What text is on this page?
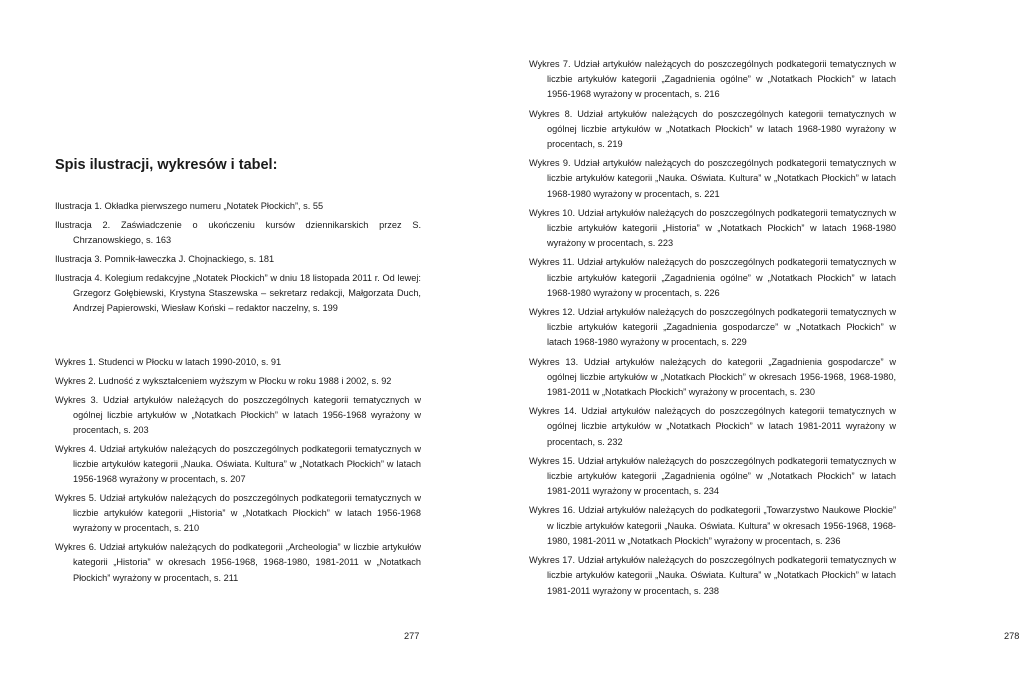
Spis ilustracji, wykresów i tabel:
Ilustracja 1. Okładka pierwszego numeru „Notatek Płockich”, s. 55
Ilustracja 2. Zaświadczenie o ukończeniu kursów dziennikarskich przez S. Chrzanowskiego, s. 163
Ilustracja 3. Pomnik-ławeczka J. Chojnackiego, s. 181
Ilustracja 4. Kolegium redakcyjne „Notatek Płockich” w dniu 18 listopada 2011 r. Od lewej: Grzegorz Gołębiewski, Krystyna Staszewska – sekretarz redakcji, Małgorzata Duch, Andrzej Papierowski, Wiesław Koński – redaktor naczelny, s. 199
Wykres 1. Studenci w Płocku w latach 1990-2010, s. 91
Wykres 2. Ludność z wykształceniem wyższym w Płocku w roku 1988 i 2002, s. 92
Wykres 3. Udział artykułów należących do poszczególnych kategorii tematycznych w ogólnej liczbie artykułów w „Notatkach Płockich” w latach 1956-1968 wyrażony w procentach, s. 203
Wykres 4. Udział artykułów należących do poszczególnych podkategorii tematycznych w liczbie artykułów kategorii „Nauka. Oświata. Kultura” w „Notatkach Płockich” w latach 1956-1968 wyrażony w procentach, s. 207
Wykres 5. Udział artykułów należących do poszczególnych podkategorii tematycznych w liczbie artykułów kategorii „Historia” w „Notatkach Płockich” w latach 1956-1968 wyrażony w procentach, s. 210
Wykres 6. Udział artykułów należących do podkategorii „Archeologia” w liczbie artykułów kategorii „Historia” w okresach 1956-1968, 1968-1980, 1981-2011 w „Notatkach Płockich” wyrażony w procentach, s. 211
277	278
Wykres 7. Udział artykułów należących do poszczególnych podkategorii tematycznych w liczbie artykułów kategorii „Zagadnienia ogólne” w „Notatkach Płockich” w latach 1956-1968 wyrażony w procentach, s. 216
Wykres 8. Udział artykułów należących do poszczególnych kategorii tematycznych w ogólnej liczbie artykułów w „Notatkach Płockich” w latach 1968-1980 wyrażony w procentach, s. 219
Wykres 9. Udział artykułów należących do poszczególnych podkategorii tematycznych w liczbie artykułów kategorii „Nauka. Oświata. Kultura” w „Notatkach Płockich” w latach 1968-1980 wyrażony w procentach, s. 221
Wykres 10. Udział artykułów należących do poszczególnych podkategorii tematycznych w liczbie artykułów kategorii „Historia” w „Notatkach Płockich” w latach 1968-1980 wyrażony w procentach, s. 223
Wykres 11. Udział artykułów należących do poszczególnych podkategorii tematycznych w liczbie artykułów kategorii „Zagadnienia ogólne” w „Notatkach Płockich” w latach 1968-1980 wyrażony w procentach, s. 226
Wykres 12. Udział artykułów należących do poszczególnych podkategorii tematycznych w liczbie artykułów kategorii „Zagadnienia gospodarcze” w „Notatkach Płockich” w latach 1968-1980 wyrażony w procentach, s. 229
Wykres 13. Udział artykułów należących do kategorii „Zagadnienia gospodarcze” w ogólnej liczbie artykułów w „Notatkach Płockich” w okresach 1956-1968, 1968-1980, 1981-2011 w „Notatkach Płockich” wyrażony w procentach, s. 230
Wykres 14. Udział artykułów należących do poszczególnych kategorii tematycznych w ogólnej liczbie artykułów w „Notatkach Płockich” w latach 1981-2011 wyrażony w procentach, s. 232
Wykres 15. Udział artykułów należących do poszczególnych podkategorii tematycznych w liczbie artykułów kategorii „Zagadnienia ogólne” w „Notatkach Płockich” w latach 1981-2011 wyrażony w procentach, s. 234
Wykres 16. Udział artykułów należących do podkategorii „Towarzystwo Naukowe Płockie” w liczbie artykułów kategorii „Nauka. Oświata. Kultura” w okresach 1956-1968, 1968-1980, 1981-2011 w „Notatkach Płockich” wyrażony w procentach, s. 236
Wykres 17. Udział artykułów należących do poszczególnych podkategorii tematycznych w liczbie artykułów kategorii „Nauka. Oświata. Kultura” w „Notatkach Płockich” w latach 1981-2011 wyrażony w procentach, s. 238
